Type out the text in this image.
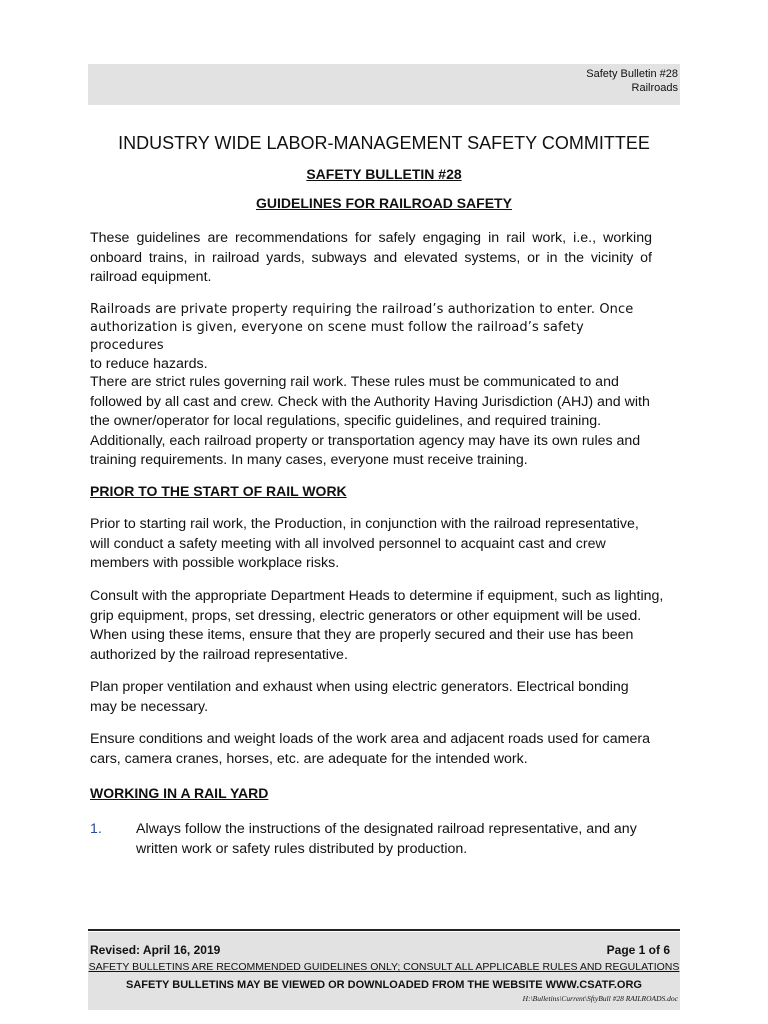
Safety Bulletin #28
Railroads
INDUSTRY WIDE LABOR-MANAGEMENT SAFETY COMMITTEE
SAFETY BULLETIN #28
GUIDELINES FOR RAILROAD SAFETY

These guidelines are recommendations for safely engaging in rail work, i.e., working onboard trains, in railroad yards, subways and elevated systems, or in the vicinity of railroad equipment.

Railroads are private property requiring the railroad’s authorization to enter. Once authorization is given, everyone on scene must follow the railroad’s safety procedures
to reduce hazards.

There are strict rules governing rail work. These rules must be communicated to and followed by all cast and crew. Check with the Authority Having Jurisdiction (AHJ) and with the owner/operator for local regulations, specific guidelines, and required training. Additionally, each railroad property or transportation agency may have its own rules and training requirements. In many cases, everyone must receive training.

PRIOR TO THE START OF RAIL WORK

Prior to starting rail work, the Production, in conjunction with the railroad representative, will conduct a safety meeting with all involved personnel to acquaint cast and crew members with possible workplace risks.

Consult with the appropriate Department Heads to determine if equipment, such as lighting, grip equipment, props, set dressing, electric generators or other equipment will be used. When using these items, ensure that they are properly secured and their use has been authorized by the railroad representative.

Plan proper ventilation and exhaust when using electric generators. Electrical bonding may be necessary.

Ensure conditions and weight loads of the work area and adjacent roads used for camera cars, camera cranes, horses, etc. are adequate for the intended work.

WORKING IN A RAIL YARD
1. Always follow the instructions of the designated railroad representative, and any written work or safety rules distributed by production.
Revised: April 16, 2019	Page 1 of 6
SAFETY BULLETINS ARE RECOMMENDED GUIDELINES ONLY; CONSULT ALL APPLICABLE RULES AND REGULATIONS
SAFETY BULLETINS MAY BE VIEWED OR DOWNLOADED FROM THE WEBSITE WWW.CSATF.ORG
H:\Bulletins\Current\SftyBull #28 RAILROADS.doc
